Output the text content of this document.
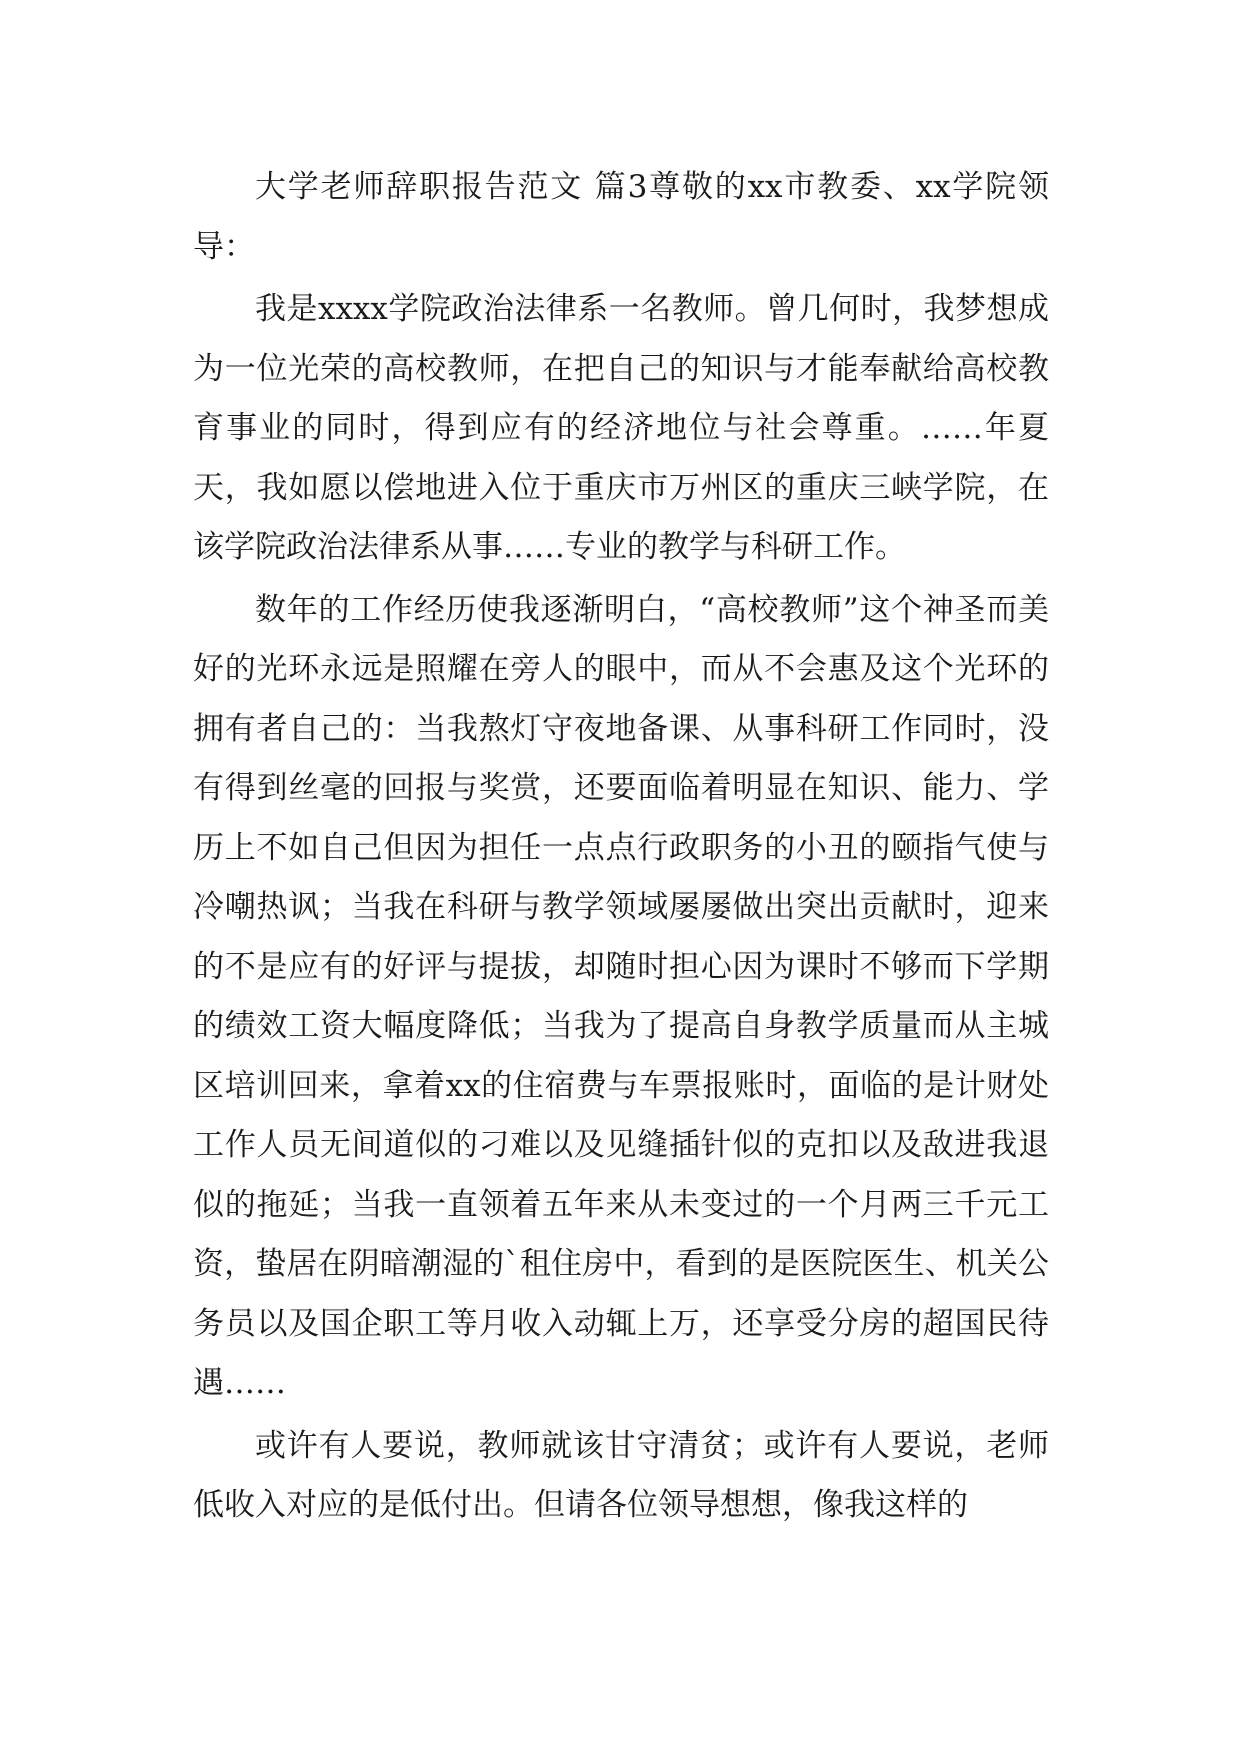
大学老师辞职报告范文 篇3尊敬的xx市教委、xx学院领导：

我是xxxx学院政治法律系一名教师。曾几何时，我梦想成为一位光荣的高校教师，在把自己的知识与才能奉献给高校教育事业的同时，得到应有的经济地位与社会尊重。……年夏天，我如愿以偿地进入位于重庆市万州区的重庆三峡学院，在该学院政治法律系从事……专业的教学与科研工作。

数年的工作经历使我逐渐明白，“高校教师”这个神圣而美好的光环永远是照耀在旁人的眼中，而从不会惠及这个光环的拥有者自己的：当我熬灯守夜地备课、从事科研工作同时，没有得到丝毫的回报与奖赏，还要面临着明显在知识、能力、学历上不如自己但因为担任一点点行政职务的小丑的颐指气使与冷嘲热讽；当我在科研与教学领域屡屡做出突出贡献时，迎来的不是应有的好评与提拔，却随时担心因为课时不够而下学期的绩效工资大幅度降低；当我为了提高自身教学质量而从主城区培训回来，拿着xx的住宿费与车票报账时，面临的是计财处工作人员无间道似的刁难以及见缝插针似的克扣以及敌进我退似的拖延；当我一直领着五年来从未变过的一个月两三千元工资，蛰居在阴暗潮湿的`租住房中，看到的是医院医生、机关公务员以及国企职工等月收入动辄上万，还享受分房的超国民待遇……

或许有人要说，教师就该甘守清贫；或许有人要说，老师低收入对应的是低付出。但请各位领导想想，像我这样的
